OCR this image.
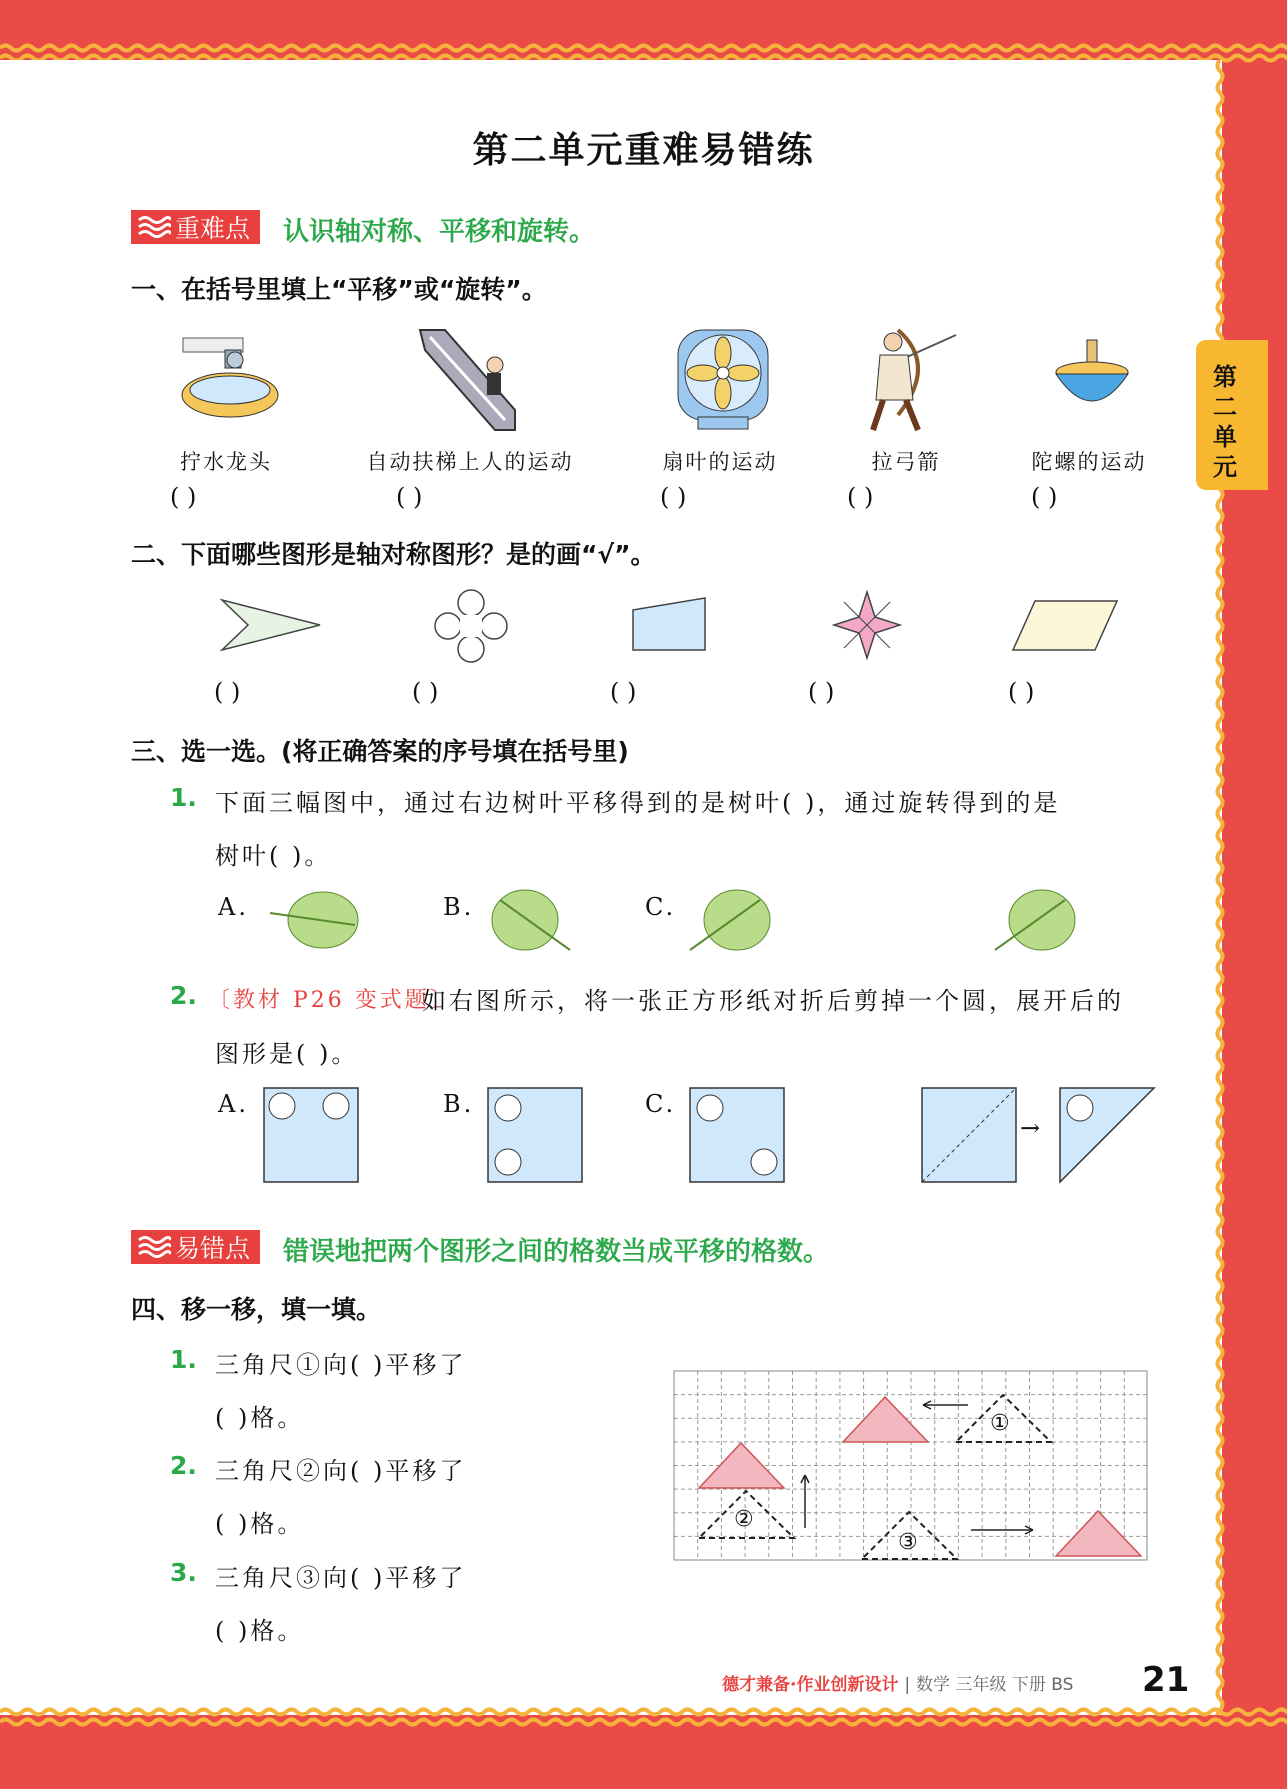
第二单元
第二单元重难易错练
重难点 认识轴对称、平移和旋转。
一、在括号里填上“平移”或“旋转”。
拧水龙头	自动扶梯上人的运动	扇叶的运动	拉弓箭	陀螺的运动
( )	( )	( )	( )	( )
二、下面哪些图形是轴对称图形？是的画“√”。
( )	( )	( )	( )	( )
三、选一选。(将正确答案的序号填在括号里)
1. 下面三幅图中，通过右边树叶平移得到的是树叶( )，通过旋转得到的是
树叶( )。
A.	B.	C.
2. 〔教材 P26 变式题〕
如右图所示，将一张正方形纸对折后剪掉一个圆，展开后的
图形是( )。
A.	B.	C.
→
易错点 错误地把两个图形之间的格数当成平移的格数。
四、移一移，填一填。
1. 三角尺①向( )平移了
( )格。
2. 三角尺②向( )平移了
( )格。
3. 三角尺③向( )平移了
( )格。
①
②
③
德才兼备·作业创新设计 | 数学 三年级 下册 BS 21
